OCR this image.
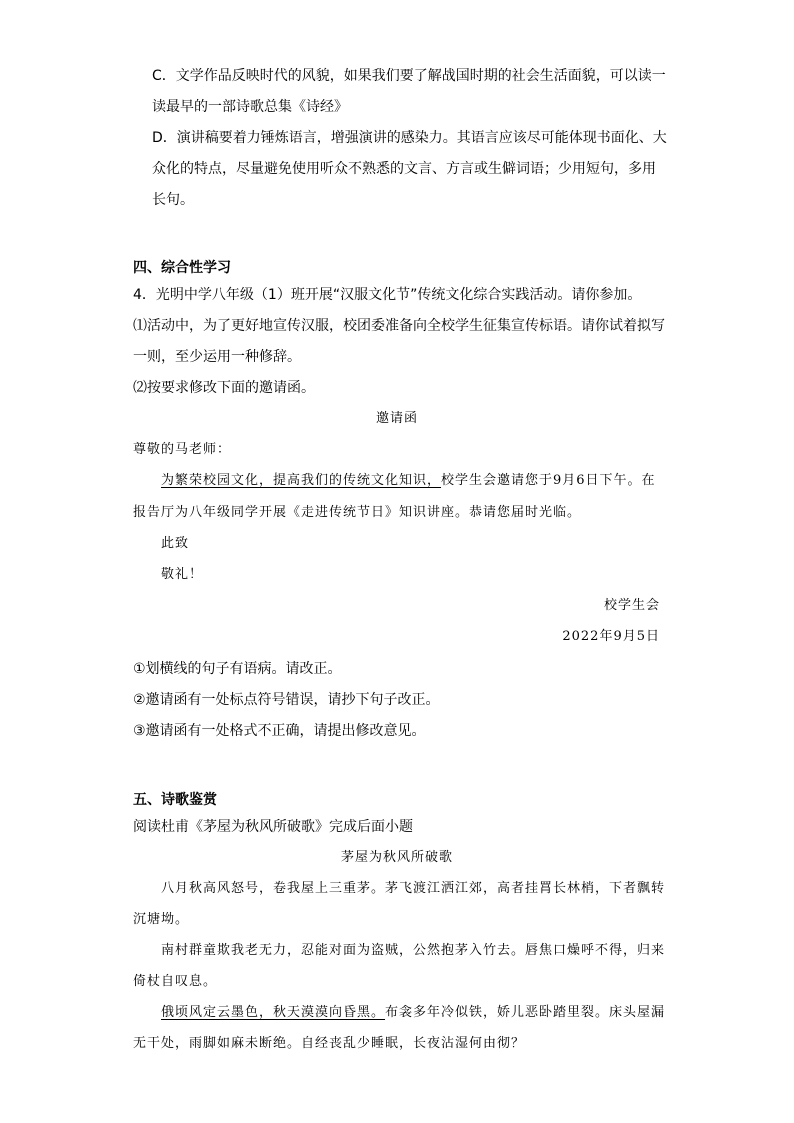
C．文学作品反映时代的风貌，如果我们要了解战国时期的社会生活面貌，可以读一
读最早的一部诗歌总集《诗经》
D．演讲稿要着力锤炼语言，增强演讲的感染力。其语言应该尽可能体现书面化、大
众化的特点，尽量避免使用听众不熟悉的文言、方言或生僻词语；少用短句，多用
长句。
四、综合性学习
4．光明中学八年级（1）班开展“汉服文化节”传统文化综合实践活动。请你参加。
⑴活动中，为了更好地宣传汉服，校团委准备向全校学生征集宣传标语。请你试着拟写
一则，至少运用一种修辞。
⑵按要求修改下面的邀请函。
邀请函
尊敬的马老师：
为繁荣校园文化，提高我们的传统文化知识，校学生会邀请您于9月6日下午。在
报告厅为八年级同学开展《走进传统节日》知识讲座。恭请您届时光临。
此致
敬礼！
校学生会
2022年9月5日
①划横线的句子有语病。请改正。
②邀请函有一处标点符号错误，请抄下句子改正。
③邀请函有一处格式不正确，请提出修改意见。
五、诗歌鉴赏
阅读杜甫《茅屋为秋风所破歌》完成后面小题
茅屋为秋风所破歌
八月秋高风怒号，卷我屋上三重茅。茅飞渡江洒江郊，高者挂罥长林梢，下者飘转
沉塘坳。
南村群童欺我老无力，忍能对面为盗贼，公然抱茅入竹去。唇焦口燥呼不得，归来
倚杖自叹息。
俄顷风定云墨色，秋天漠漠向昏黑。布衾多年冷似铁，娇儿恶卧踏里裂。床头屋漏
无干处，雨脚如麻未断绝。自经丧乱少睡眠，长夜沾湿何由彻？
